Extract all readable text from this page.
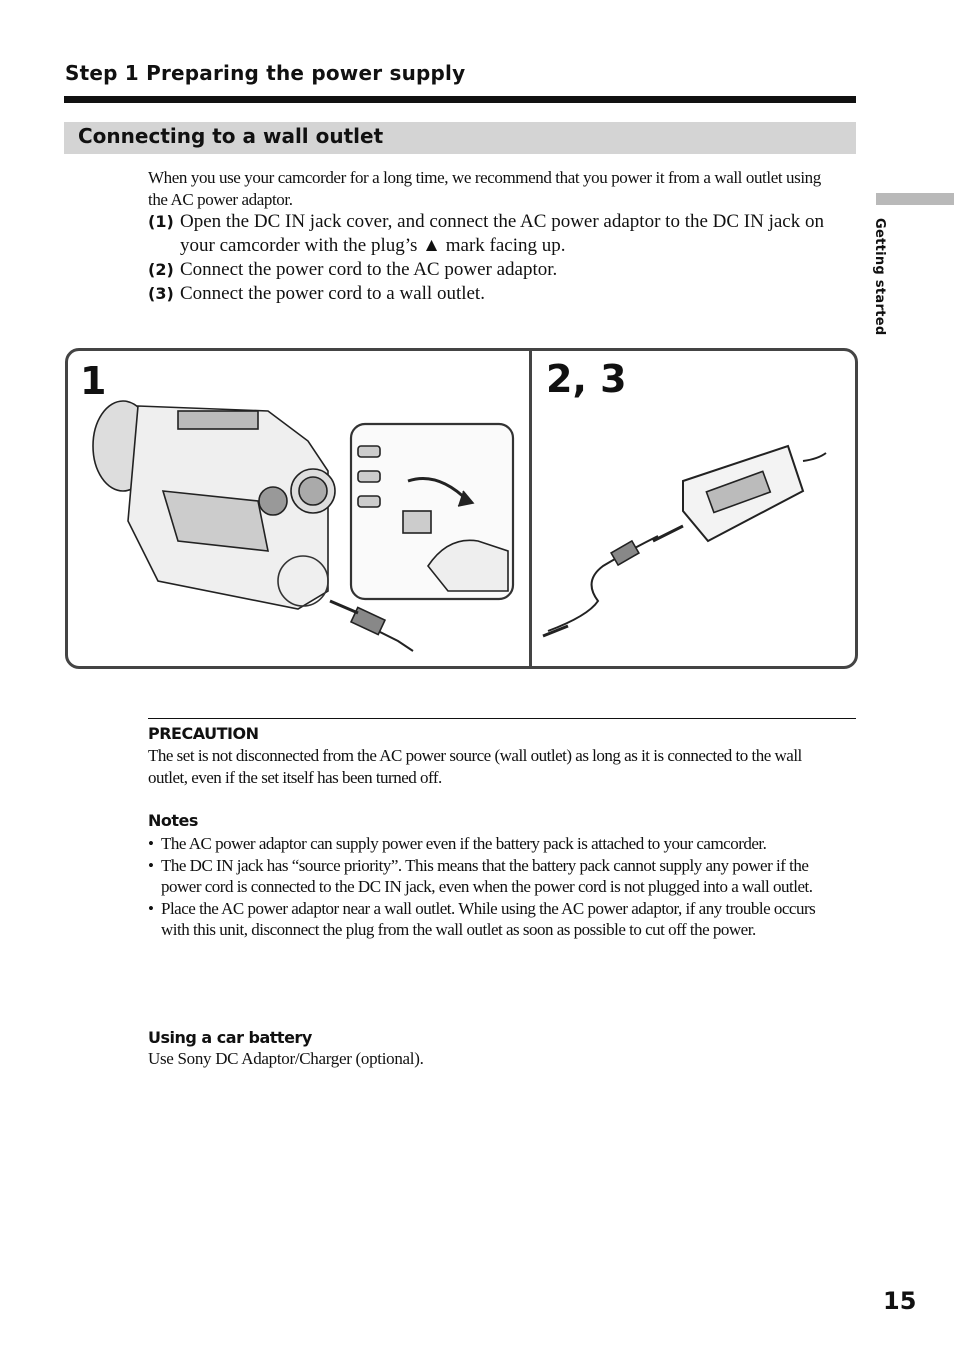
Step 1 Preparing the power supply
Connecting to a wall outlet
Getting started
When you use your camcorder for a long time, we recommend that you power it from a wall outlet using the AC power adaptor.
(1) Open the DC IN jack cover, and connect the AC power adaptor to the DC IN jack on your camcorder with the plug’s ▲ mark facing up.
(2) Connect the power cord to the AC power adaptor.
(3) Connect the power cord to a wall outlet.
1	2, 3
PRECAUTION
The set is not disconnected from the AC power source (wall outlet) as long as it is connected to the wall outlet, even if the set itself has been turned off.
Notes
• The AC power adaptor can supply power even if the battery pack is attached to your camcorder.
• The DC IN jack has “source priority”. This means that the battery pack cannot supply any power if the power cord is connected to the DC IN jack, even when the power cord is not plugged into a wall outlet.
• Place the AC power adaptor near a wall outlet. While using the AC power adaptor, if any trouble occurs with this unit, disconnect the plug from the wall outlet as soon as possible to cut off the power.
Using a car battery
Use Sony DC Adaptor/Charger (optional).
15
